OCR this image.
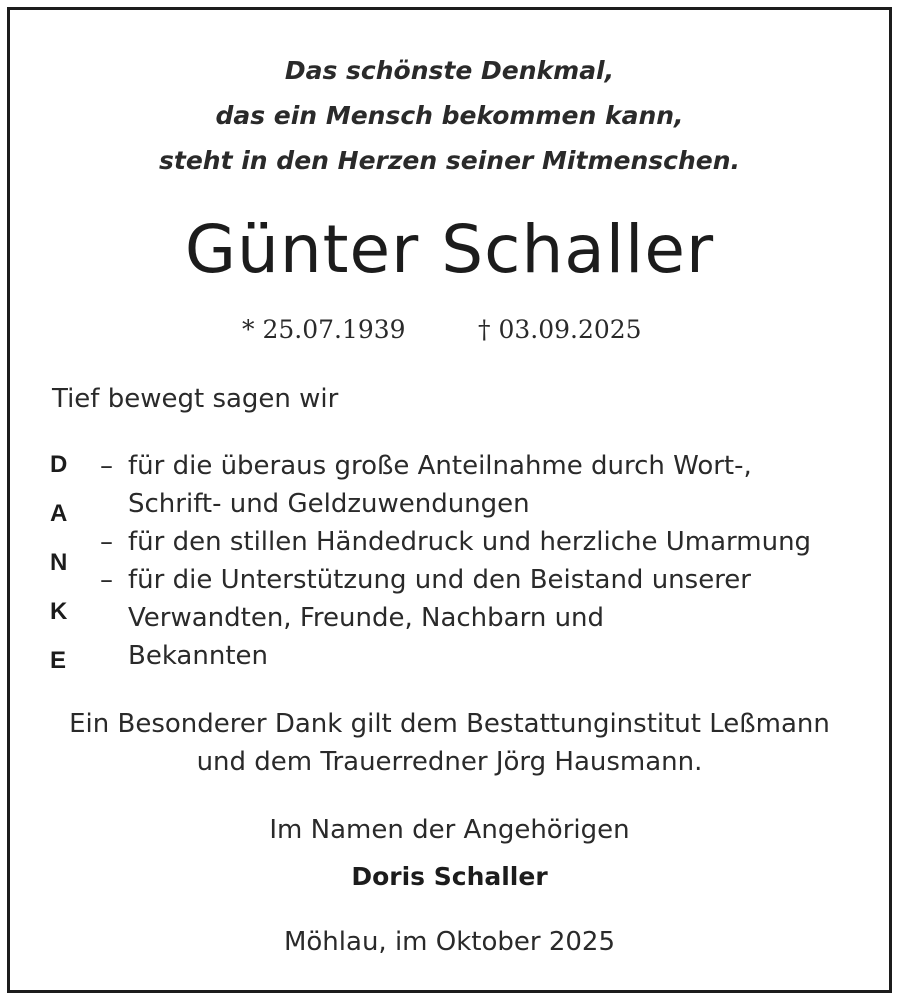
Das schönste Denkmal,
das ein Mensch bekommen kann,
steht in den Herzen seiner Mitmenschen.
Günter Schaller
* 25.07.1939	† 03.09.2025
Tief bewegt sagen wir
D
A
N
K
E
– für die überaus große Anteilnahme durch Wort-,
Schrift- und Geldzuwendungen
– für den stillen Händedruck und herzliche Umarmung
– für die Unterstützung und den Beistand unserer
Verwandten, Freunde, Nachbarn und
Bekannten
Ein Besonderer Dank gilt dem Bestattunginstitut Leßmann
und dem Trauerredner Jörg Hausmann.
Im Namen der Angehörigen
Doris Schaller
Möhlau, im Oktober 2025
